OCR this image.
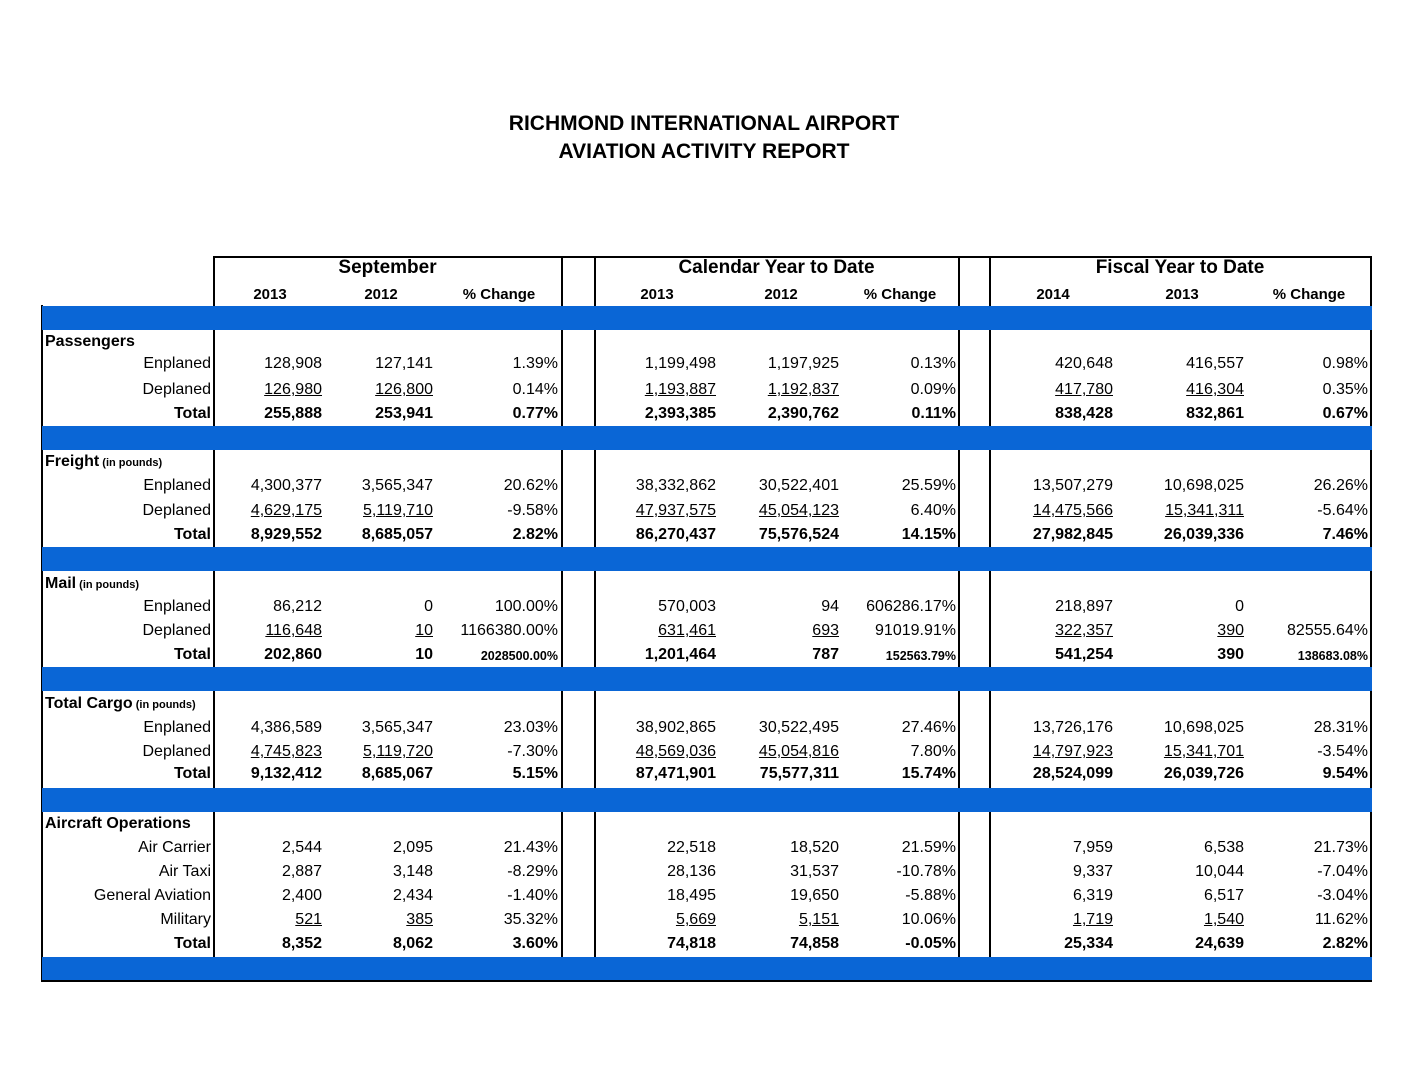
RICHMOND INTERNATIONAL AIRPORT
AVIATION ACTIVITY REPORT
September
2013	2012	% Change
Calendar Year to Date
2013	2012	% Change
Fiscal Year to Date
2014	2013	% Change
Passengers
Enplaned	128,908	127,141	1.39%	1,199,498	1,197,925	0.13%	420,648	416,557	0.98%
Deplaned	126,980	126,800	0.14%	1,193,887	1,192,837	0.09%	417,780	416,304	0.35%
Total	255,888	253,941	0.77%	2,393,385	2,390,762	0.11%	838,428	832,861	0.67%
Freight (in pounds)
Enplaned 4,300,377 3,565,347	20.62%	38,332,862	30,522,401	25.59%	13,507,279	10,698,025	26.26%
Deplaned 4,629,175	5,119,710	-9.58%	47,937,575	45,054,123	6.40%	14,475,566	15,341,311	-5.64%
Total 8,929,552 8,685,057	2.82%	86,270,437	75,576,524	14.15%	27,982,845	26,039,336	7.46%
Mail (in pounds)
Enplaned	86,212	0	100.00%	570,003	94 606286.17%	218,897	0
Deplaned	116,648	10 1166380.00%	631,461	693 91019.91%	322,357	390	82555.64%
Total	202,860	10	2028500.00%	1,201,464	787	152563.79%	541,254	390	138683.08%
Total Cargo (in pounds)
Enplaned 4,386,589 3,565,347	23.03%	38,902,865	30,522,495	27.46%	13,726,176	10,698,025	28.31%
Deplaned 4,745,823	5,119,720	-7.30%	48,569,036	45,054,816	7.80%	14,797,923	15,341,701	-3.54%
Total 9,132,412 8,685,067	5.15%	87,471,901	75,577,311	15.74%	28,524,099	26,039,726	9.54%
Aircraft Operations
Air Carrier	2,544	2,095	21.43%	22,518	18,520	21.59%	7,959	6,538	21.73%
Air Taxi	2,887	3,148	-8.29%	28,136	31,537	-10.78%	9,337	10,044	-7.04%
General Aviation	2,400	2,434	-1.40%	18,495	19,650	-5.88%	6,319	6,517	-3.04%
Military	521	385	35.32%	5,669	5,151	10.06%	1,719	1,540	11.62%
Total	8,352	8,062	3.60%	74,818	74,858	-0.05%	25,334	24,639	2.82%
